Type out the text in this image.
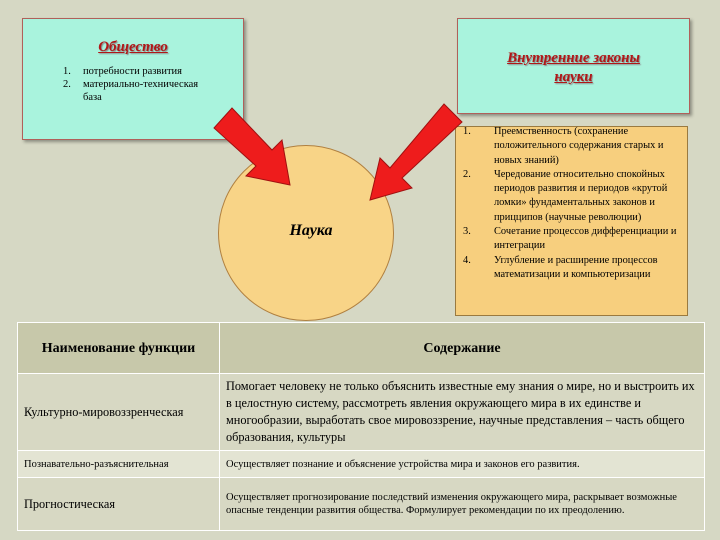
Общество
1.	потребности развития
2.	материально-техническая база
Внутренние законы науки
Наука
1.	Преемственность (сохранение положительного содержания старых и новых знаний)
2.	Чередование относительно спокойных периодов развития и периодов «крутой ломки» фундаментальных законов и прицципов (научные революции)
3.	Сочетание процессов дифференциации и интеграции
4.	Углубление и расширение процессов математизации и компьютеризации
Наименование функции	Содержание
Культурно-мировоззренческая	Помогает человеку не только объяснить известные ему знания о мире, но и выстроить их в целостную систему, рассмотреть явления окружающего мира в их единстве и многообразии, выработать свое мировоззрение, научные представления – часть общего образования, культуры
Познавательно-разъяснительная	Осуществляет познание и объяснение устройства мира и законов его развития.
Прогностическая	Осуществляет прогнозирование последствий изменения окружающего мира, раскрывает возможные опасные тенденции развития общества. Формулирует рекомендации по их преодолению.
